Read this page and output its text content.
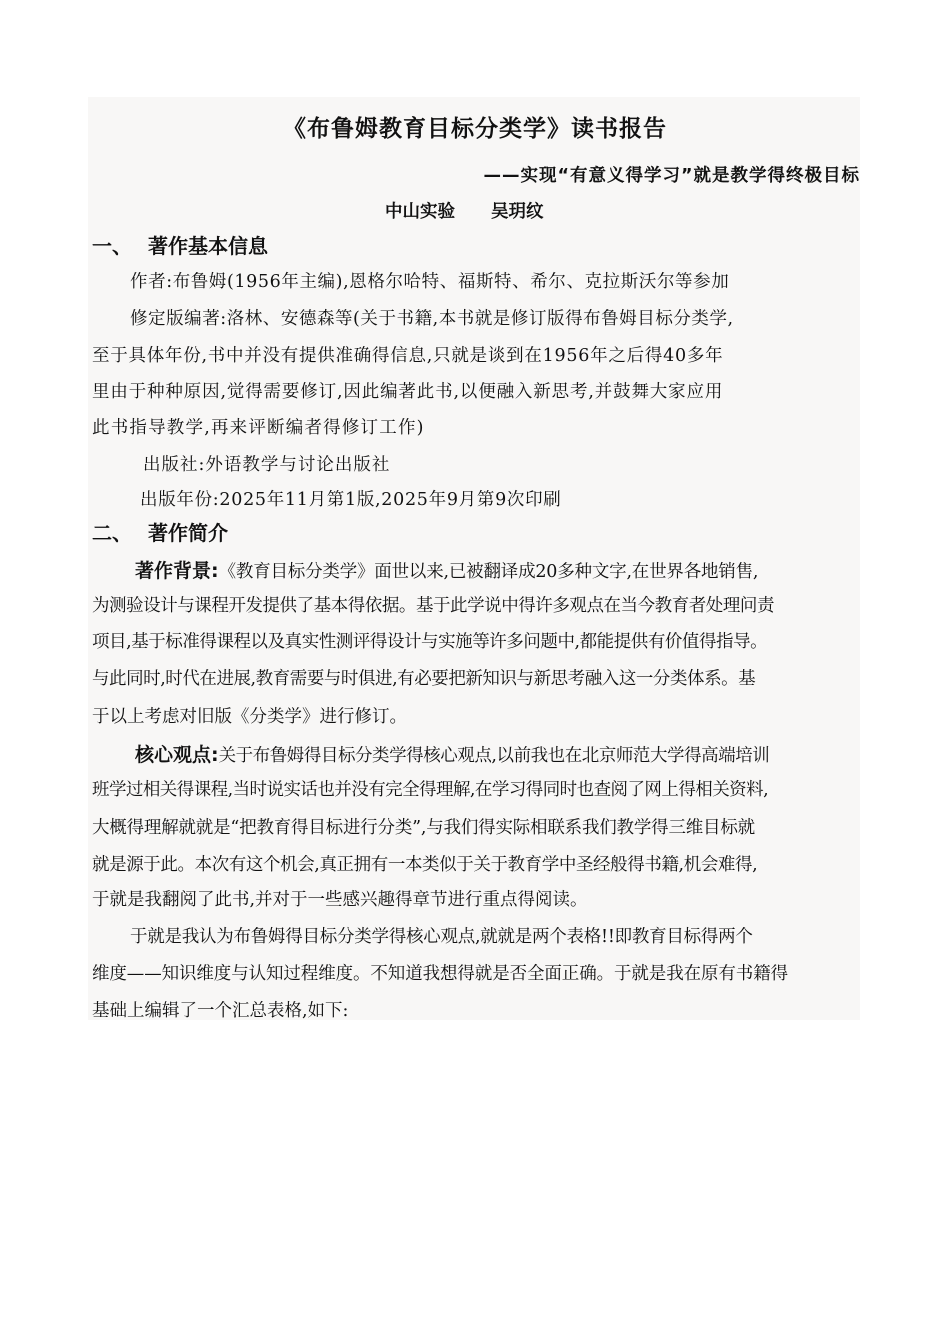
《布鲁姆教育目标分类学》读书报告
——实现“有意义得学习”就是教学得终极目标
中山实验 吴玥纹
一、 著作基本信息
作者:布鲁姆(1956年主编),恩格尔哈特、福斯特、希尔、克拉斯沃尔等参加
修定版编著:洛林、安德森等(关于书籍,本书就是修订版得布鲁姆目标分类学,
至于具体年份,书中并没有提供准确得信息,只就是谈到在1956年之后得40多年
里由于种种原因,觉得需要修订,因此编著此书,以便融入新思考,并鼓舞大家应用
此书指导教学,再来评断编者得修订工作)
出版社:外语教学与讨论出版社
出版年份:2025年11月第1版,2025年9月第9次印刷
二、 著作简介
著作背景:《教育目标分类学》面世以来,已被翻译成20多种文字,在世界各地销售,
为测验设计与课程开发提供了基本得依据。基于此学说中得许多观点在当今教育者处理问责
项目,基于标准得课程以及真实性测评得设计与实施等许多问题中,都能提供有价值得指导。
与此同时,时代在进展,教育需要与时俱进,有必要把新知识与新思考融入这一分类体系。基
于以上考虑对旧版《分类学》进行修订。
核心观点:关于布鲁姆得目标分类学得核心观点,以前我也在北京师范大学得高端培训
班学过相关得课程,当时说实话也并没有完全得理解,在学习得同时也查阅了网上得相关资料,
大概得理解就就是“把教育得目标进行分类”,与我们得实际相联系我们教学得三维目标就
就是源于此。本次有这个机会,真正拥有一本类似于关于教育学中圣经般得书籍,机会难得,
于就是我翻阅了此书,并对于一些感兴趣得章节进行重点得阅读。
于就是我认为布鲁姆得目标分类学得核心观点,就就是两个表格!!即教育目标得两个
维度——知识维度与认知过程维度。不知道我想得就是否全面正确。于就是我在原有书籍得
基础上编辑了一个汇总表格,如下:
